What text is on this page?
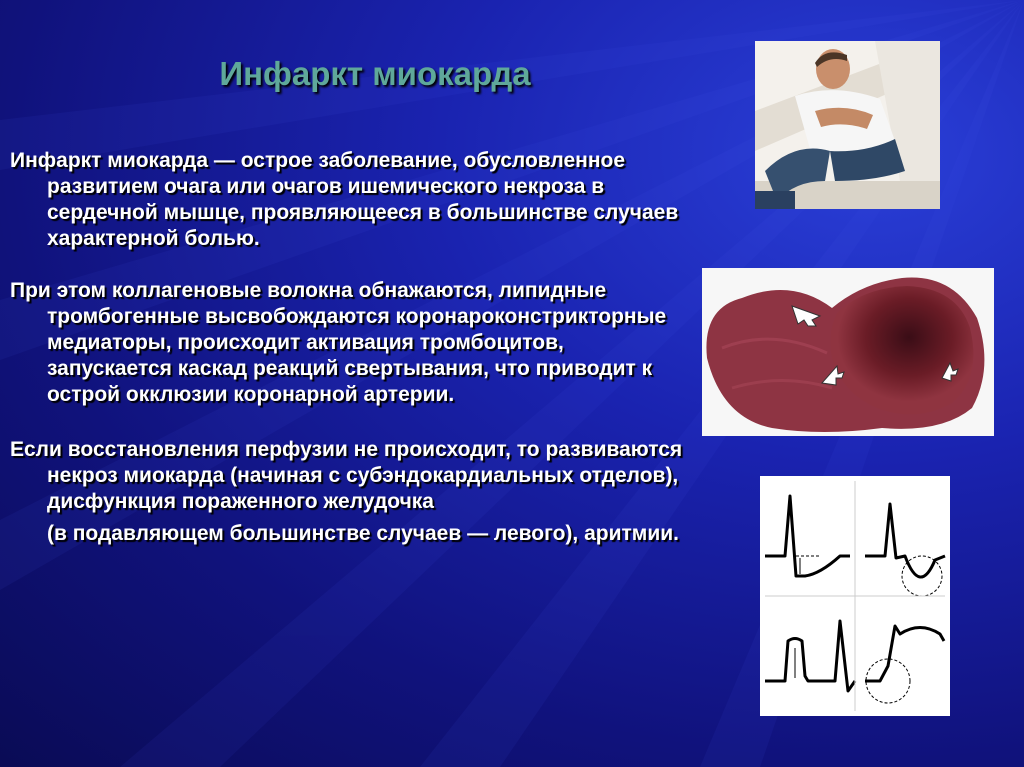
Инфаркт миокарда

Инфаркт миокарда — острое заболевание, обусловленное развитием очага или очагов ишемического некроза в сердечной мышце, проявляющееся в большинстве случаев характерной болью.

При этом коллагеновые волокна обнажаются, липидные тромбогенные высвобождаются коронароконстрикторные медиаторы, происходит активация тромбоцитов, запускается каскад реакций свертывания, что приводит к острой окклюзии коронарной артерии.

Если восстановления перфузии не происходит, то развиваются некроз миокарда (начиная с субэндокардиальных отделов), дисфункция пораженного желудочка

(в подавляющем большинстве случаев — левого), аритмии.
